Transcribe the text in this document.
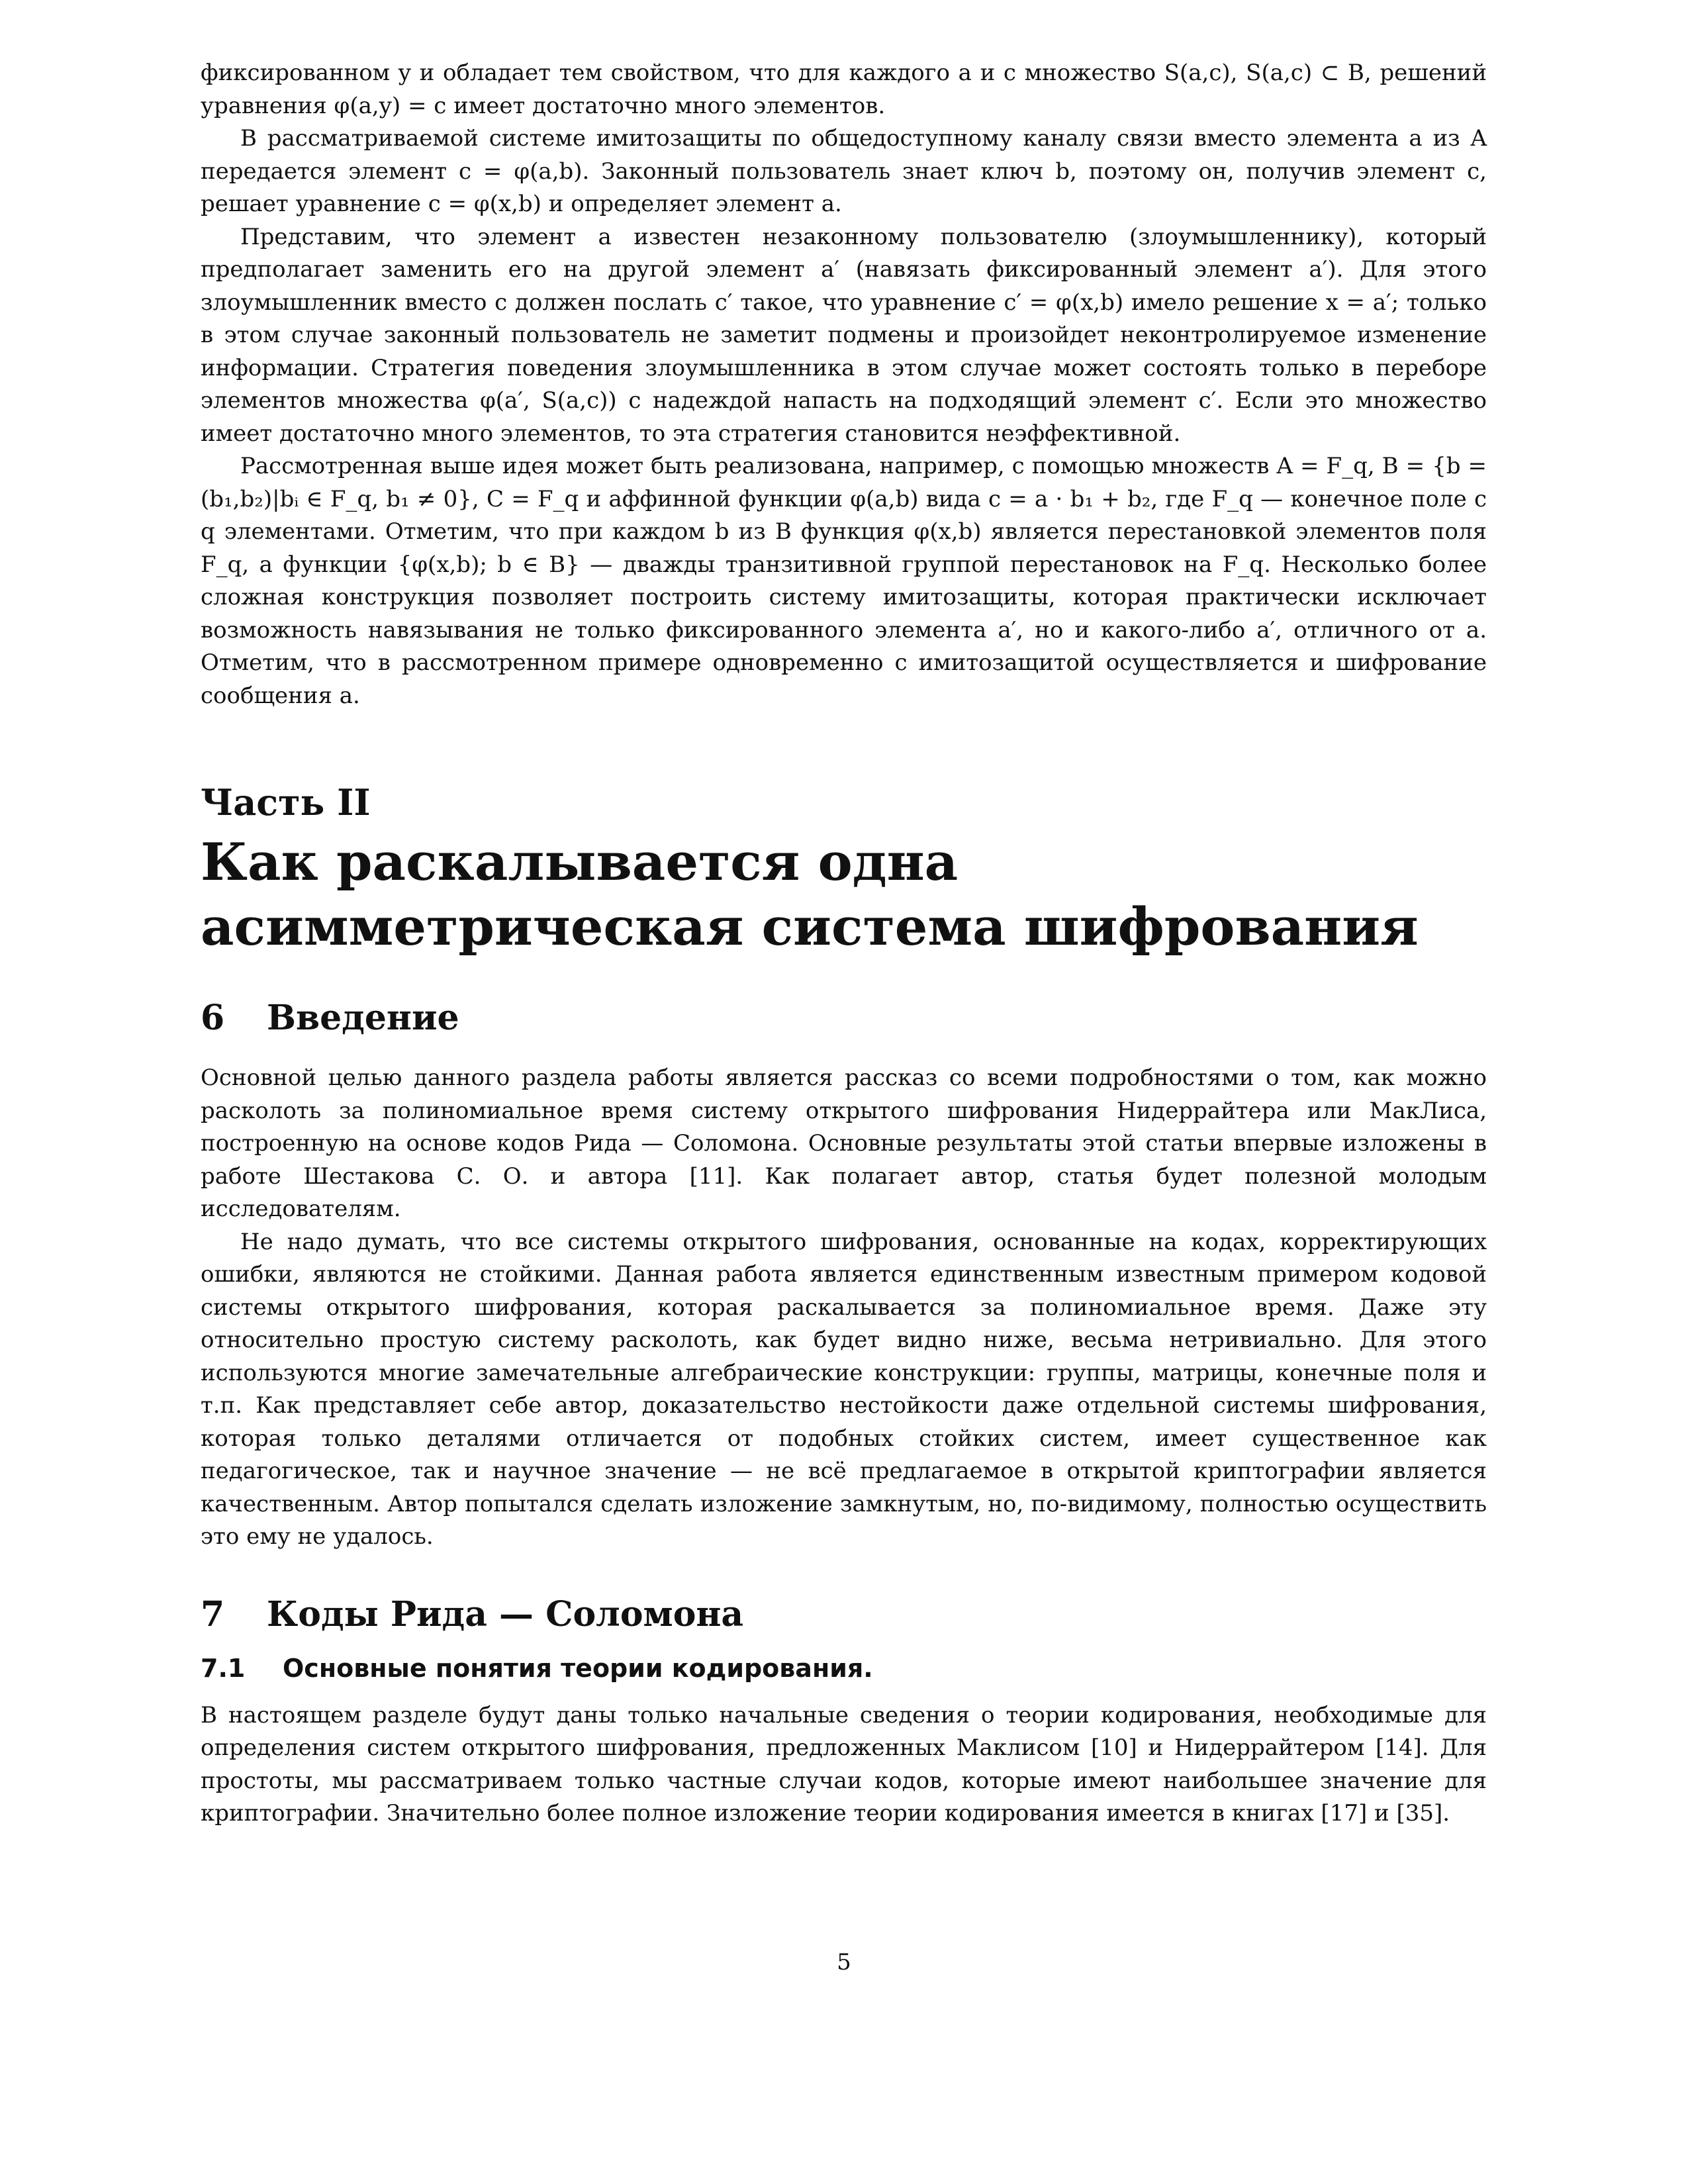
фиксированном y и обладает тем свойством, что для каждого a и c множество S(a,c), S(a,c) ⊂ B, решений уравнения φ(a,y) = c имеет достаточно много элементов.

В рассматриваемой системе имитозащиты по общедоступному каналу связи вместо элемента a из A передается элемент c = φ(a,b). Законный пользователь знает ключ b, поэтому он, получив элемент c, решает уравнение c = φ(x,b) и определяет элемент a.

Представим, что элемент a известен незаконному пользователю (злоумышленнику), который предполагает заменить его на другой элемент a′ (навязать фиксированный элемент a′). Для этого злоумышленник вместо c должен послать c′ такое, что уравнение c′ = φ(x,b) имело решение x = a′; только в этом случае законный пользователь не заметит подмены и произойдет неконтролируемое изменение информации. Стратегия поведения злоумышленника в этом случае может состоять только в переборе элементов множества φ(a′, S(a,c)) с надеждой напасть на подходящий элемент c′. Если это множество имеет достаточно много элементов, то эта стратегия становится неэффективной.

Рассмотренная выше идея может быть реализована, например, с помощью множеств A = F_q, B = {b = (b₁,b₂)|bᵢ ∈ F_q, b₁ ≠ 0}, C = F_q и аффинной функции φ(a,b) вида c = a · b₁ + b₂, где F_q — конечное поле с q элементами. Отметим, что при каждом b из B функция φ(x,b) является перестановкой элементов поля F_q, а функции {φ(x,b); b ∈ B} — дважды транзитивной группой перестановок на F_q. Несколько более сложная конструкция позволяет построить систему имитозащиты, которая практически исключает возможность навязывания не только фиксированного элемента a′, но и какого-либо a′, отличного от a. Отметим, что в рассмотренном примере одновременно с имитозащитой осуществляется и шифрование сообщения a.

Часть II
Как раскалывается одна асимметрическая система шифрования
6	Введение

Основной целью данного раздела работы является рассказ со всеми подробностями о том, как можно расколоть за полиномиальное время систему открытого шифрования Нидеррайтера или МакЛиса, построенную на основе кодов Рида — Соломона. Основные результаты этой статьи впервые изложены в работе Шестакова С. О. и автора [11]. Как полагает автор, статья будет полезной молодым исследователям.

Не надо думать, что все системы открытого шифрования, основанные на кодах, корректирующих ошибки, являются не стойкими. Данная работа является единственным известным примером кодовой системы открытого шифрования, которая раскалывается за полиномиальное время. Даже эту относительно простую систему расколоть, как будет видно ниже, весьма нетривиально. Для этого используются многие замечательные алгебраические конструкции: группы, матрицы, конечные поля и т.п. Как представляет себе автор, доказательство нестойкости даже отдельной системы шифрования, которая только деталями отличается от подобных стойких систем, имеет существенное как педагогическое, так и научное значение — не всё предлагаемое в открытой криптографии является качественным. Автор попытался сделать изложение замкнутым, но, по-видимому, полностью осуществить это ему не удалось.

7	Коды Рида — Соломона
7.1	Основные понятия теории кодирования.

В настоящем разделе будут даны только начальные сведения о теории кодирования, необходимые для определения систем открытого шифрования, предложенных Маклисом [10] и Нидеррайтером [14]. Для простоты, мы рассматриваем только частные случаи кодов, которые имеют наибольшее значение для криптографии. Значительно более полное изложение теории кодирования имеется в книгах [17] и [35].

5
